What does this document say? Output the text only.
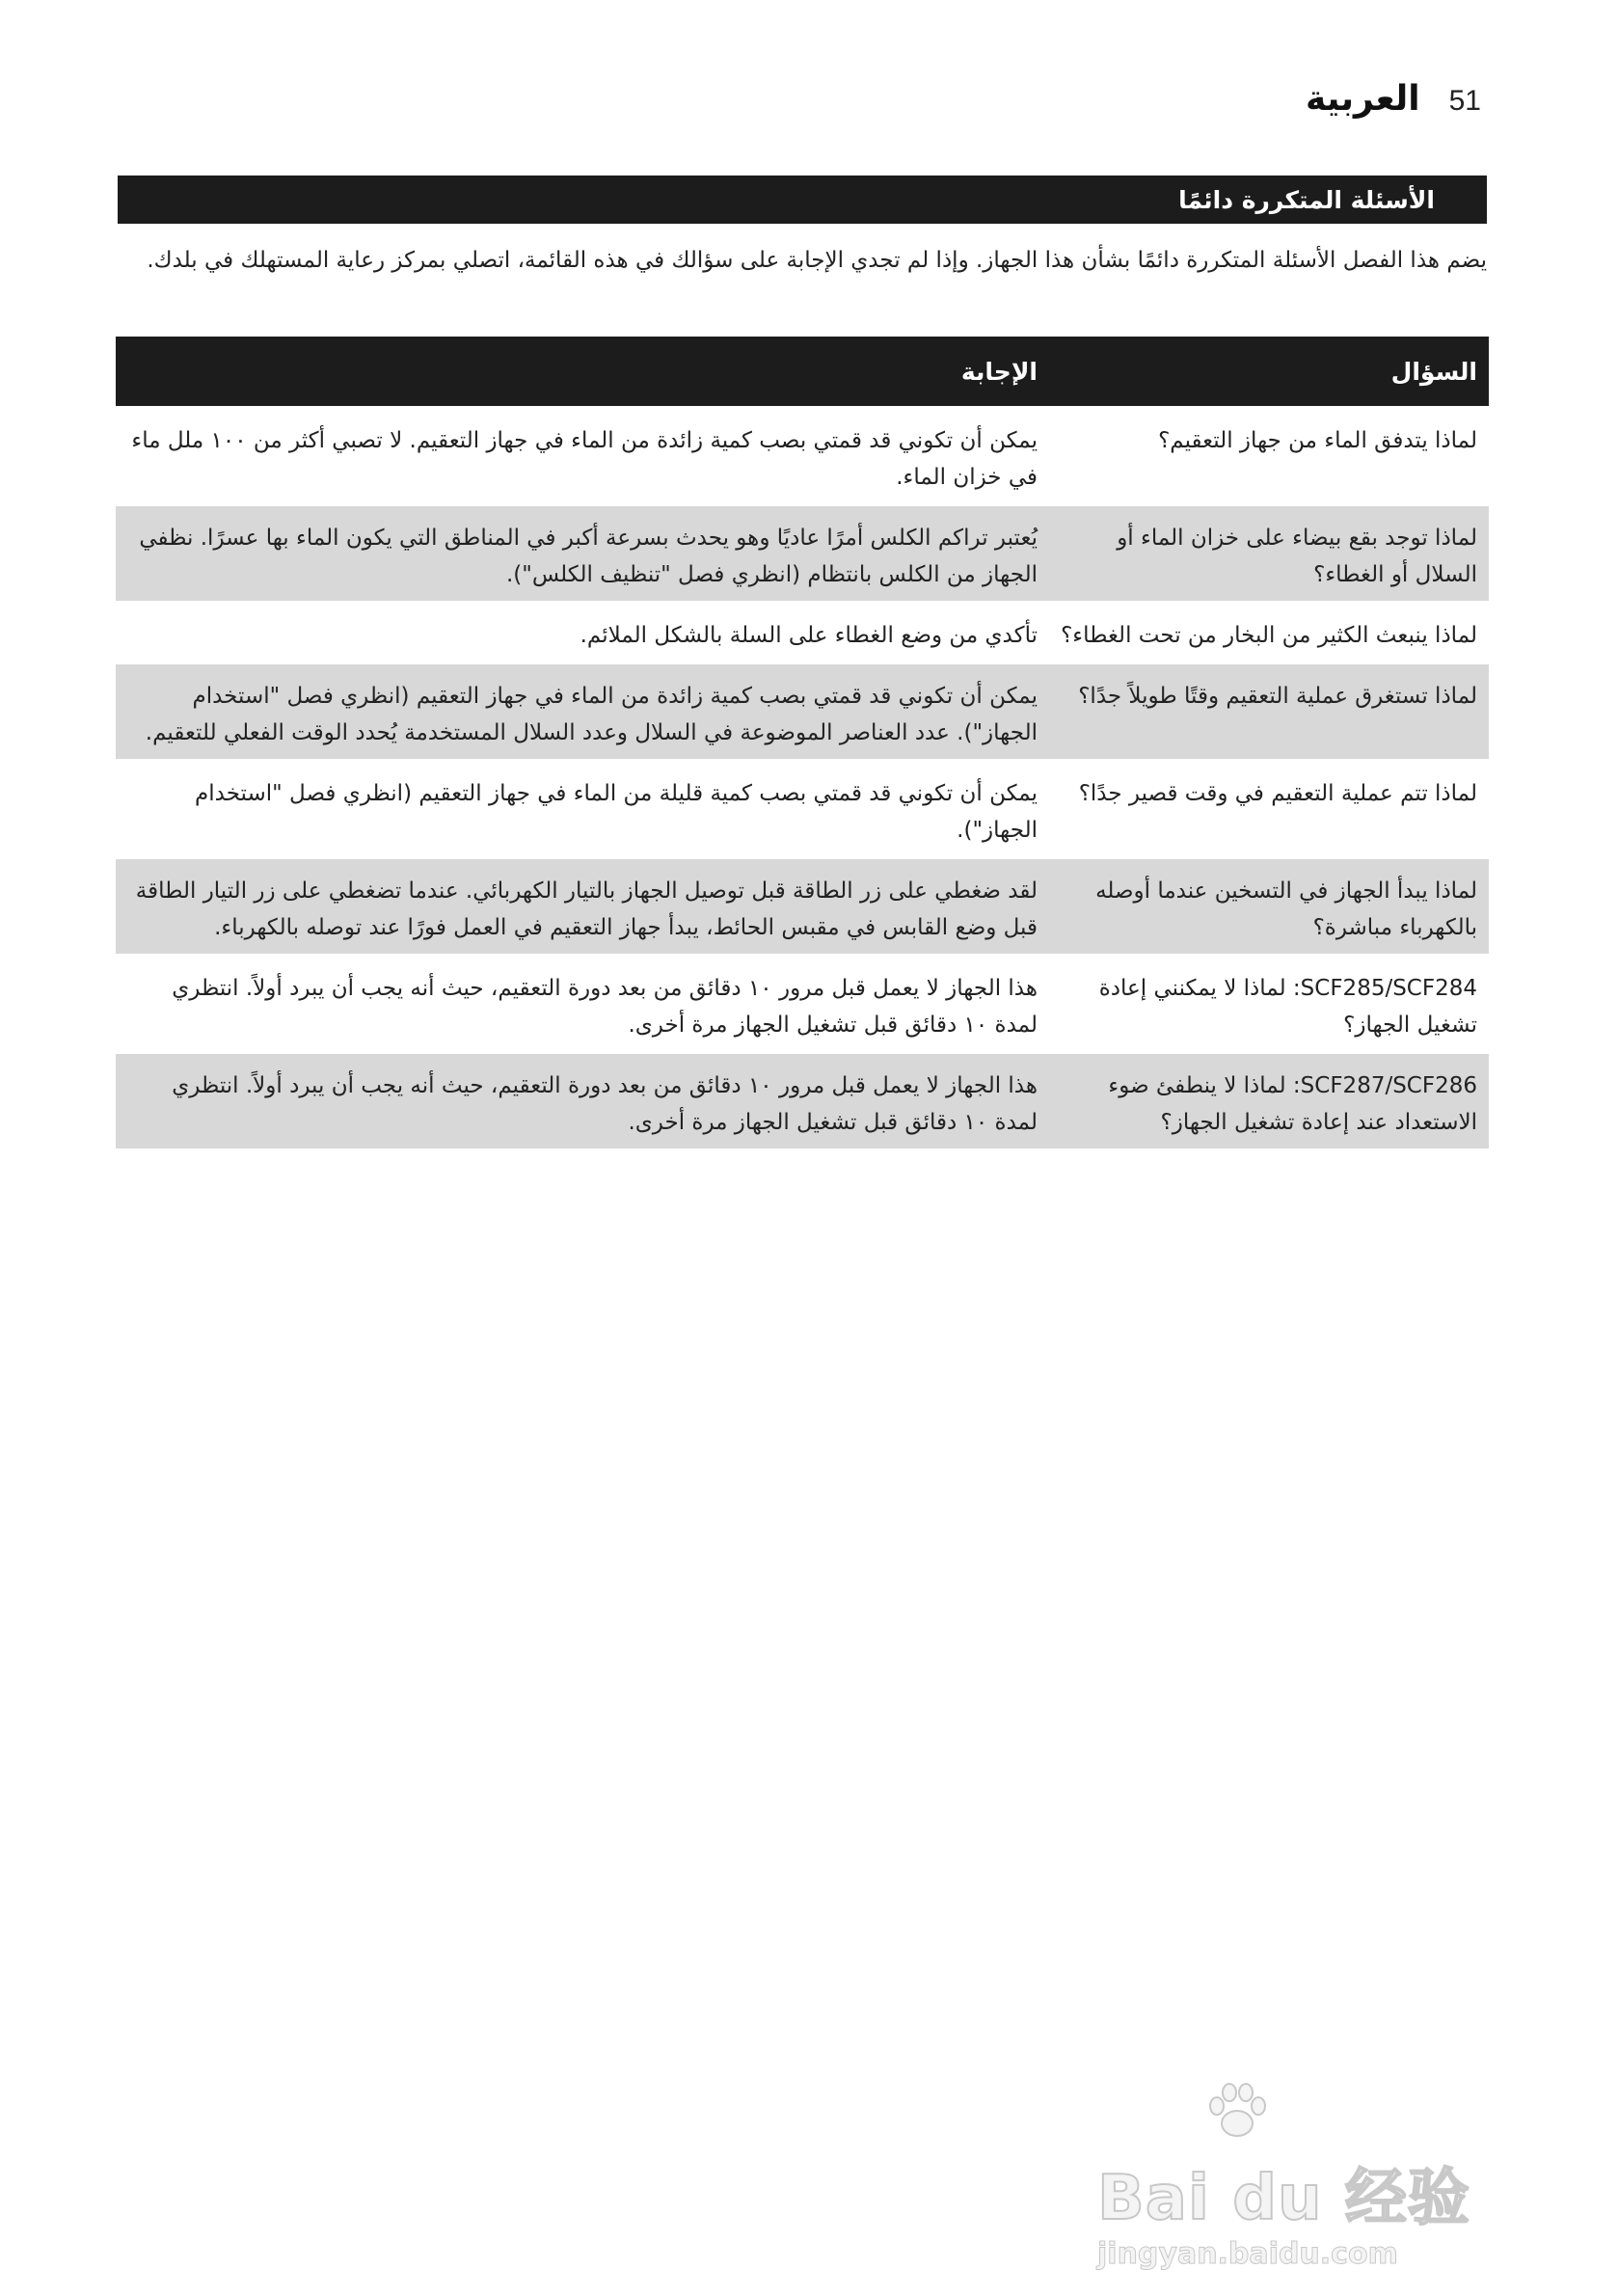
51
العربية
الأسئلة المتكررة دائمًا

يضم هذا الفصل الأسئلة المتكررة دائمًا بشأن هذا الجهاز. وإذا لم تجدي الإجابة على سؤالك في هذه القائمة، اتصلي بمركز رعاية المستهلك في بلدك.

السؤال	الإجابة
لماذا يتدفق الماء من جهاز التعقيم؟	يمكن أن تكوني قد قمتي بصب كمية زائدة من الماء في جهاز التعقيم. لا تصبي أكثر من ١٠٠ ملل ماء في خزان الماء.
لماذا توجد بقع بيضاء على خزان الماء أو السلال أو الغطاء؟	يُعتبر تراكم الكلس أمرًا عاديًا وهو يحدث بسرعة أكبر في المناطق التي يكون الماء بها عسرًا. نظفي الجهاز من الكلس بانتظام (انظري فصل "تنظيف الكلس").
لماذا ينبعث الكثير من البخار من تحت الغطاء؟	تأكدي من وضع الغطاء على السلة بالشكل الملائم.
لماذا تستغرق عملية التعقيم وقتًا طويلاً جدًا؟	يمكن أن تكوني قد قمتي بصب كمية زائدة من الماء في جهاز التعقيم (انظري فصل "استخدام الجهاز"). عدد العناصر الموضوعة في السلال وعدد السلال المستخدمة يُحدد الوقت الفعلي للتعقيم.
لماذا تتم عملية التعقيم في وقت قصير جدًا؟	يمكن أن تكوني قد قمتي بصب كمية قليلة من الماء في جهاز التعقيم (انظري فصل "استخدام الجهاز").
لماذا يبدأ الجهاز في التسخين عندما أوصله بالكهرباء مباشرة؟	لقد ضغطي على زر الطاقة قبل توصيل الجهاز بالتيار الكهربائي. عندما تضغطي على زر التيار الطاقة قبل وضع القابس في مقبس الحائط، يبدأ جهاز التعقيم في العمل فورًا عند توصله بالكهرباء.
SCF285/SCF284: لماذا لا يمكنني إعادة تشغيل الجهاز؟	هذا الجهاز لا يعمل قبل مرور ١٠ دقائق من بعد دورة التعقيم، حيث أنه يجب أن يبرد أولاً. انتظري لمدة ١٠ دقائق قبل تشغيل الجهاز مرة أخرى.
SCF287/SCF286: لماذا لا ينطفئ ضوء الاستعداد عند إعادة تشغيل الجهاز؟	هذا الجهاز لا يعمل قبل مرور ١٠ دقائق من بعد دورة التعقيم، حيث أنه يجب أن يبرد أولاً. انتظري لمدة ١٠ دقائق قبل تشغيل الجهاز مرة أخرى.
Bai du 经验
jingyan.baidu.com
